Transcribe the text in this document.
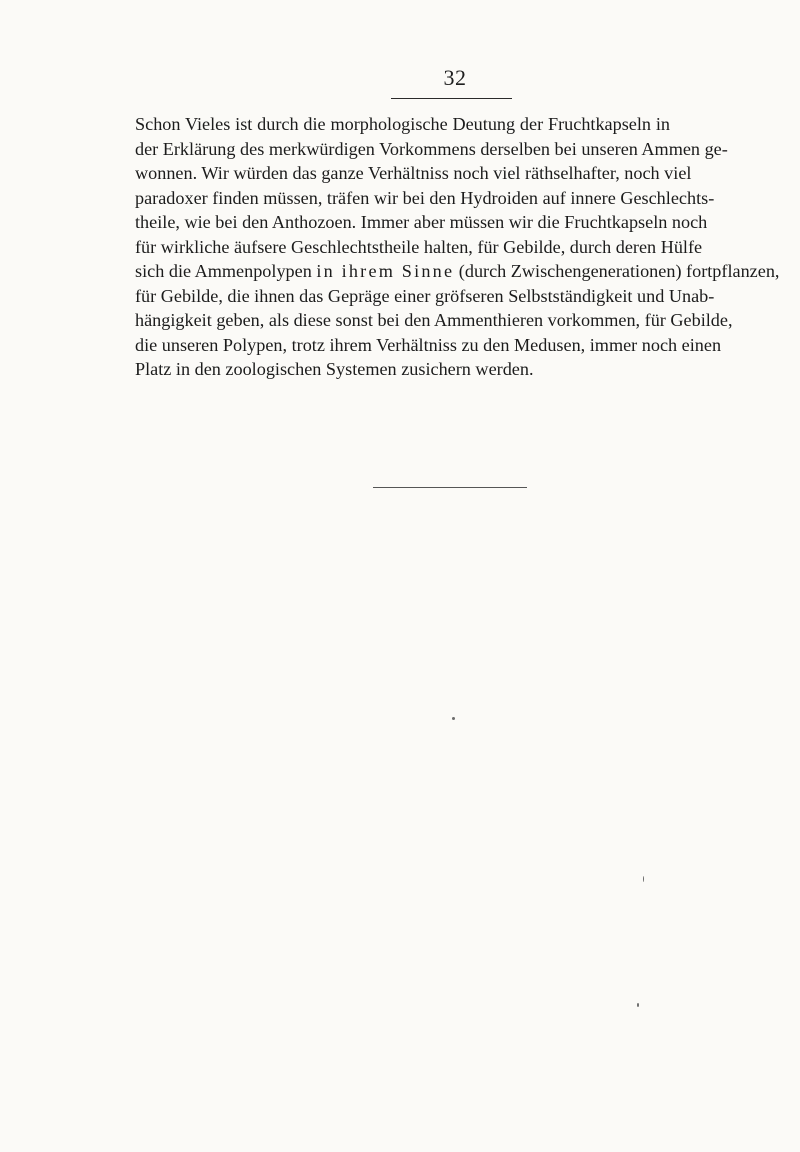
32
Schon Vieles ist durch die morphologische Deutung der Fruchtkapseln in
der Erklärung des merkwürdigen Vorkommens derselben bei unseren Ammen ge-
wonnen. Wir würden das ganze Verhältniss noch viel räthselhafter, noch viel
paradoxer finden müssen, träfen wir bei den Hydroiden auf innere Geschlechts-
theile, wie bei den Anthozoen. Immer aber müssen wir die Fruchtkapseln noch
für wirkliche äufsere Geschlechtstheile halten, für Gebilde, durch deren Hülfe
sich die Ammenpolypen in ihrem Sinne (durch Zwischengenerationen) fortpflanzen,
für Gebilde, die ihnen das Gepräge einer gröfseren Selbstständigkeit und Unab-
hängigkeit geben, als diese sonst bei den Ammenthieren vorkommen, für Gebilde,
die unseren Polypen, trotz ihrem Verhältniss zu den Medusen, immer noch einen
Platz in den zoologischen Systemen zusichern werden.
